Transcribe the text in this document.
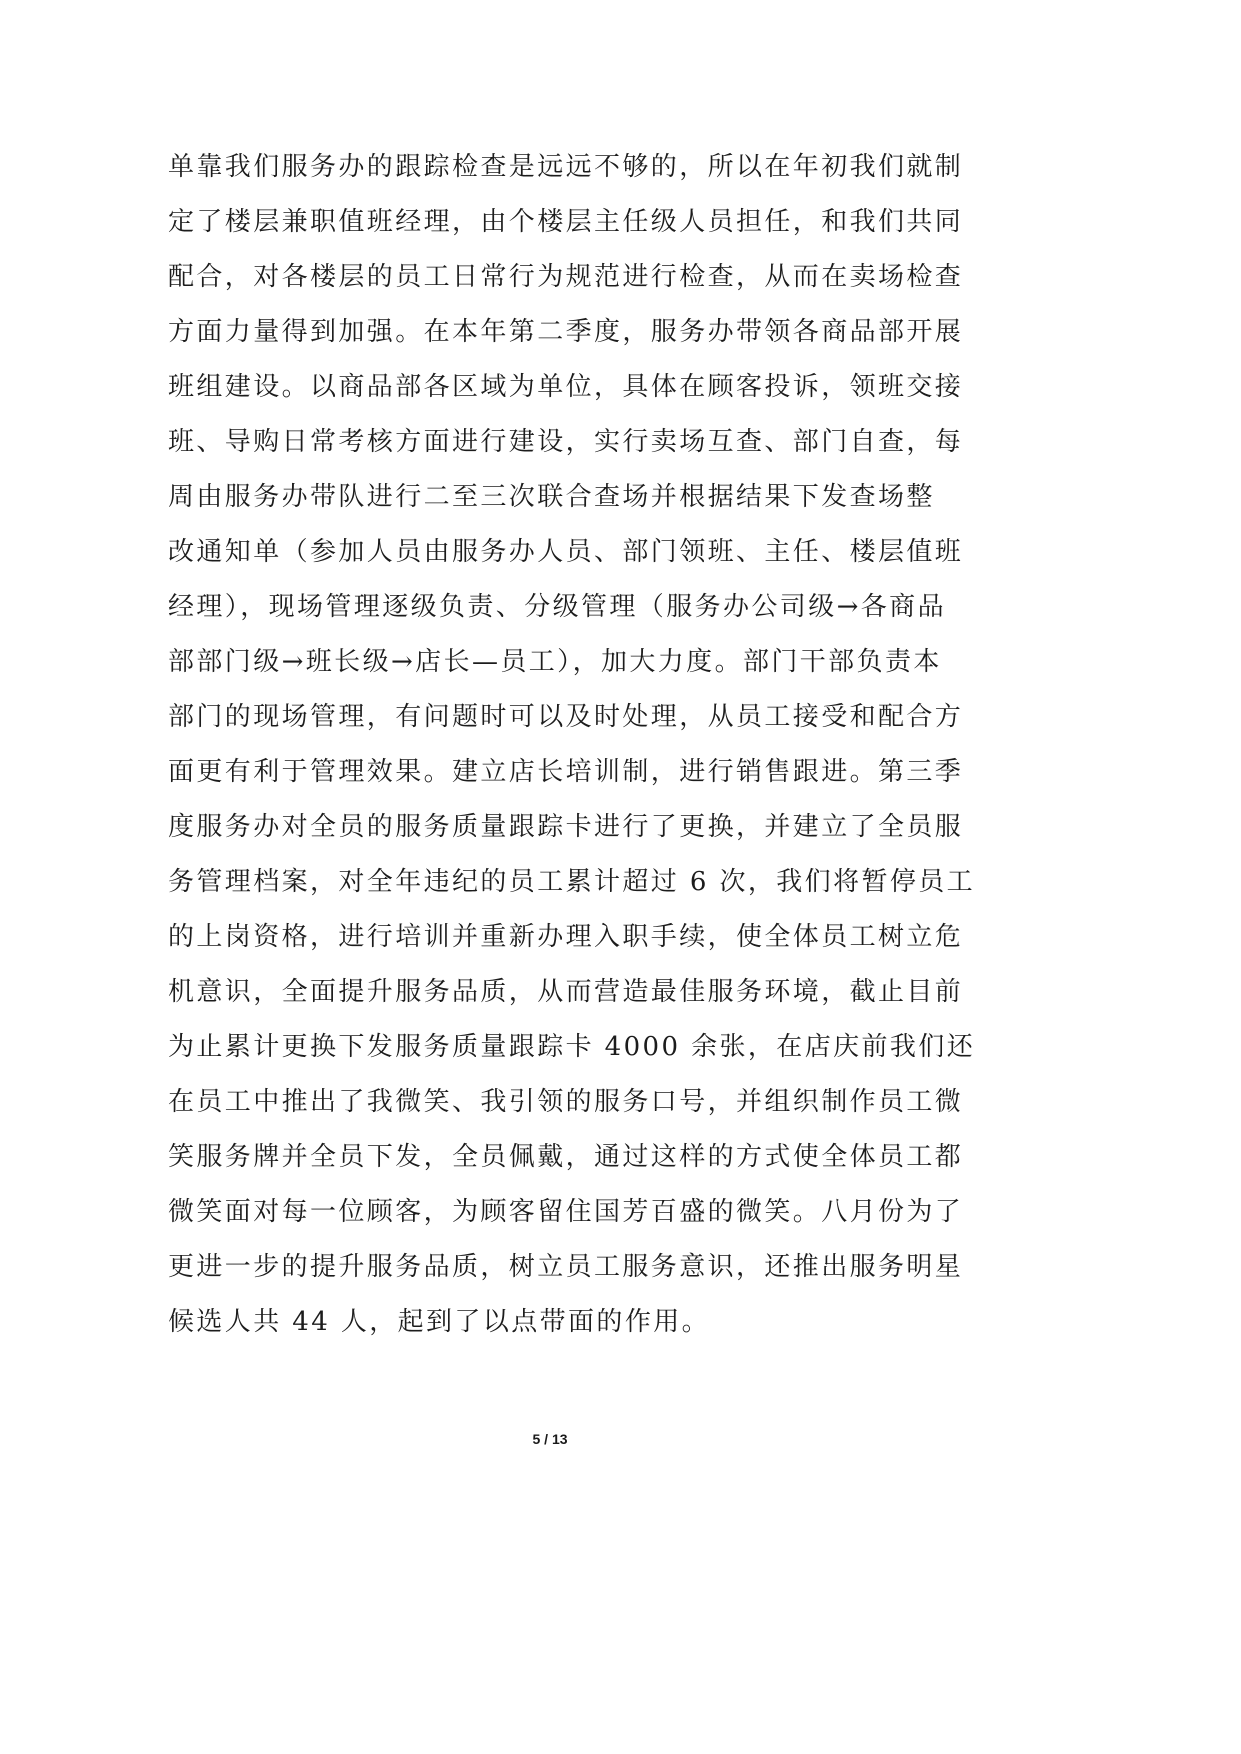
单靠我们服务办的跟踪检查是远远不够的，所以在年初我们就制
定了楼层兼职值班经理，由个楼层主任级人员担任，和我们共同
配合，对各楼层的员工日常行为规范进行检查，从而在卖场检查
方面力量得到加强。在本年第二季度，服务办带领各商品部开展
班组建设。以商品部各区域为单位，具体在顾客投诉，领班交接
班、导购日常考核方面进行建设，实行卖场互查、部门自查，每
周由服务办带队进行二至三次联合查场并根据结果下发查场整
改通知单（参加人员由服务办人员、部门领班、主任、楼层值班
经理），现场管理逐级负责、分级管理（服务办公司级→各商品
部部门级→班长级→店长—员工），加大力度。部门干部负责本
部门的现场管理，有问题时可以及时处理，从员工接受和配合方
面更有利于管理效果。建立店长培训制，进行销售跟进。第三季
度服务办对全员的服务质量跟踪卡进行了更换，并建立了全员服
务管理档案，对全年违纪的员工累计超过 6 次，我们将暂停员工
的上岗资格，进行培训并重新办理入职手续，使全体员工树立危
机意识，全面提升服务品质，从而营造最佳服务环境，截止目前
为止累计更换下发服务质量跟踪卡 4000 余张，在店庆前我们还
在员工中推出了我微笑、我引领的服务口号，并组织制作员工微
笑服务牌并全员下发，全员佩戴，通过这样的方式使全体员工都
微笑面对每一位顾客，为顾客留住国芳百盛的微笑。八月份为了
更进一步的提升服务品质，树立员工服务意识，还推出服务明星
候选人共 44 人，起到了以点带面的作用。
5 / 13
